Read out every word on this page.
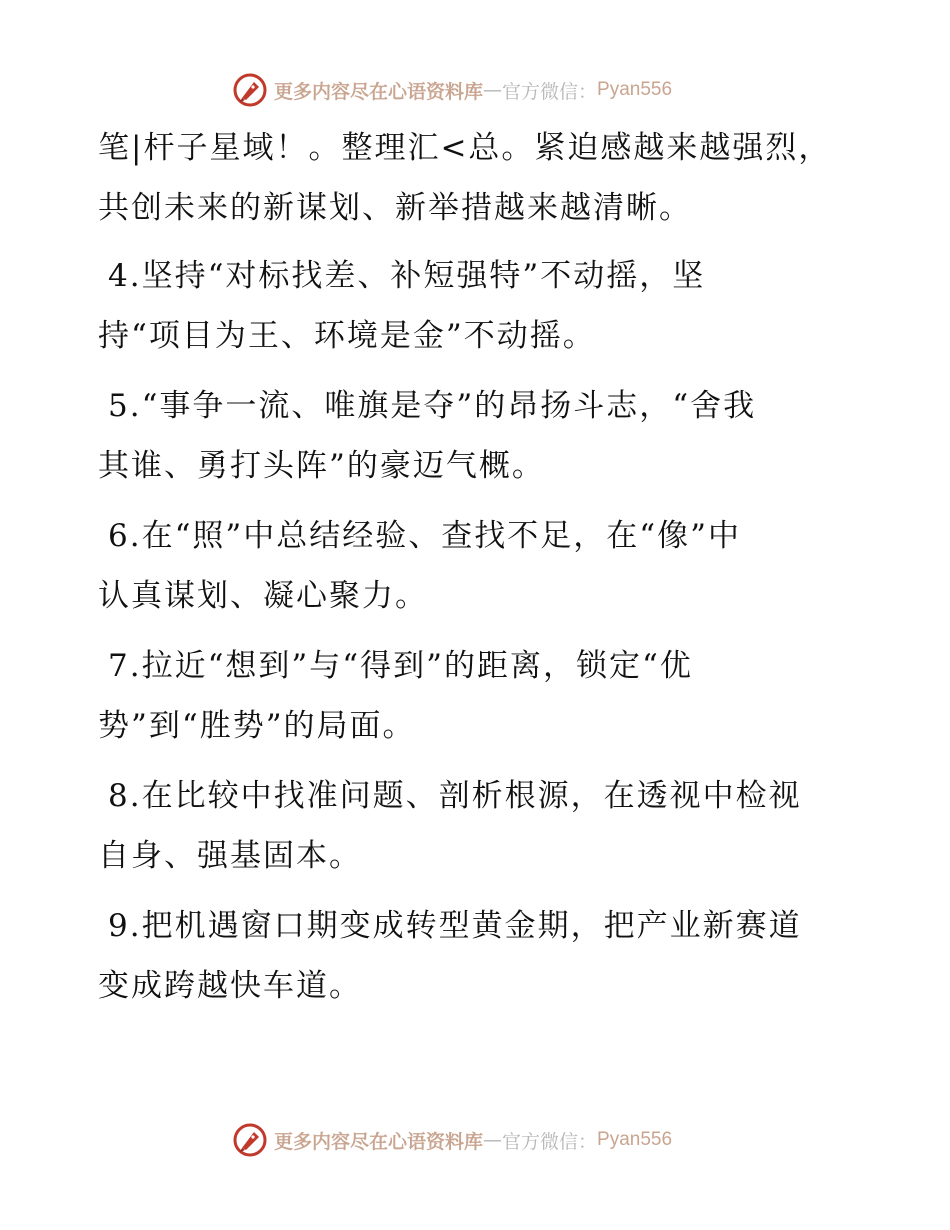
更多内容尽在心语资料库 — 官方微信： Pyan556
笔|杆子星域！。整理汇<总。紧迫感越来越强烈，
共创未来的新谋划、新举措越来越清晰。
4.坚持“对标找差、补短强特”不动摇，坚
持“项目为王、环境是金”不动摇。
5.“事争一流、唯旗是夺”的昂扬斗志，“舍我
其谁、勇打头阵”的豪迈气概。
6.在“照”中总结经验、查找不足，在“像”中
认真谋划、凝心聚力。
7.拉近“想到”与“得到”的距离，锁定“优
势”到“胜势”的局面。
8.在比较中找准问题、剖析根源，在透视中检视
自身、强基固本。
9.把机遇窗口期变成转型黄金期，把产业新赛道
变成跨越快车道。
更多内容尽在心语资料库 — 官方微信： Pyan556
